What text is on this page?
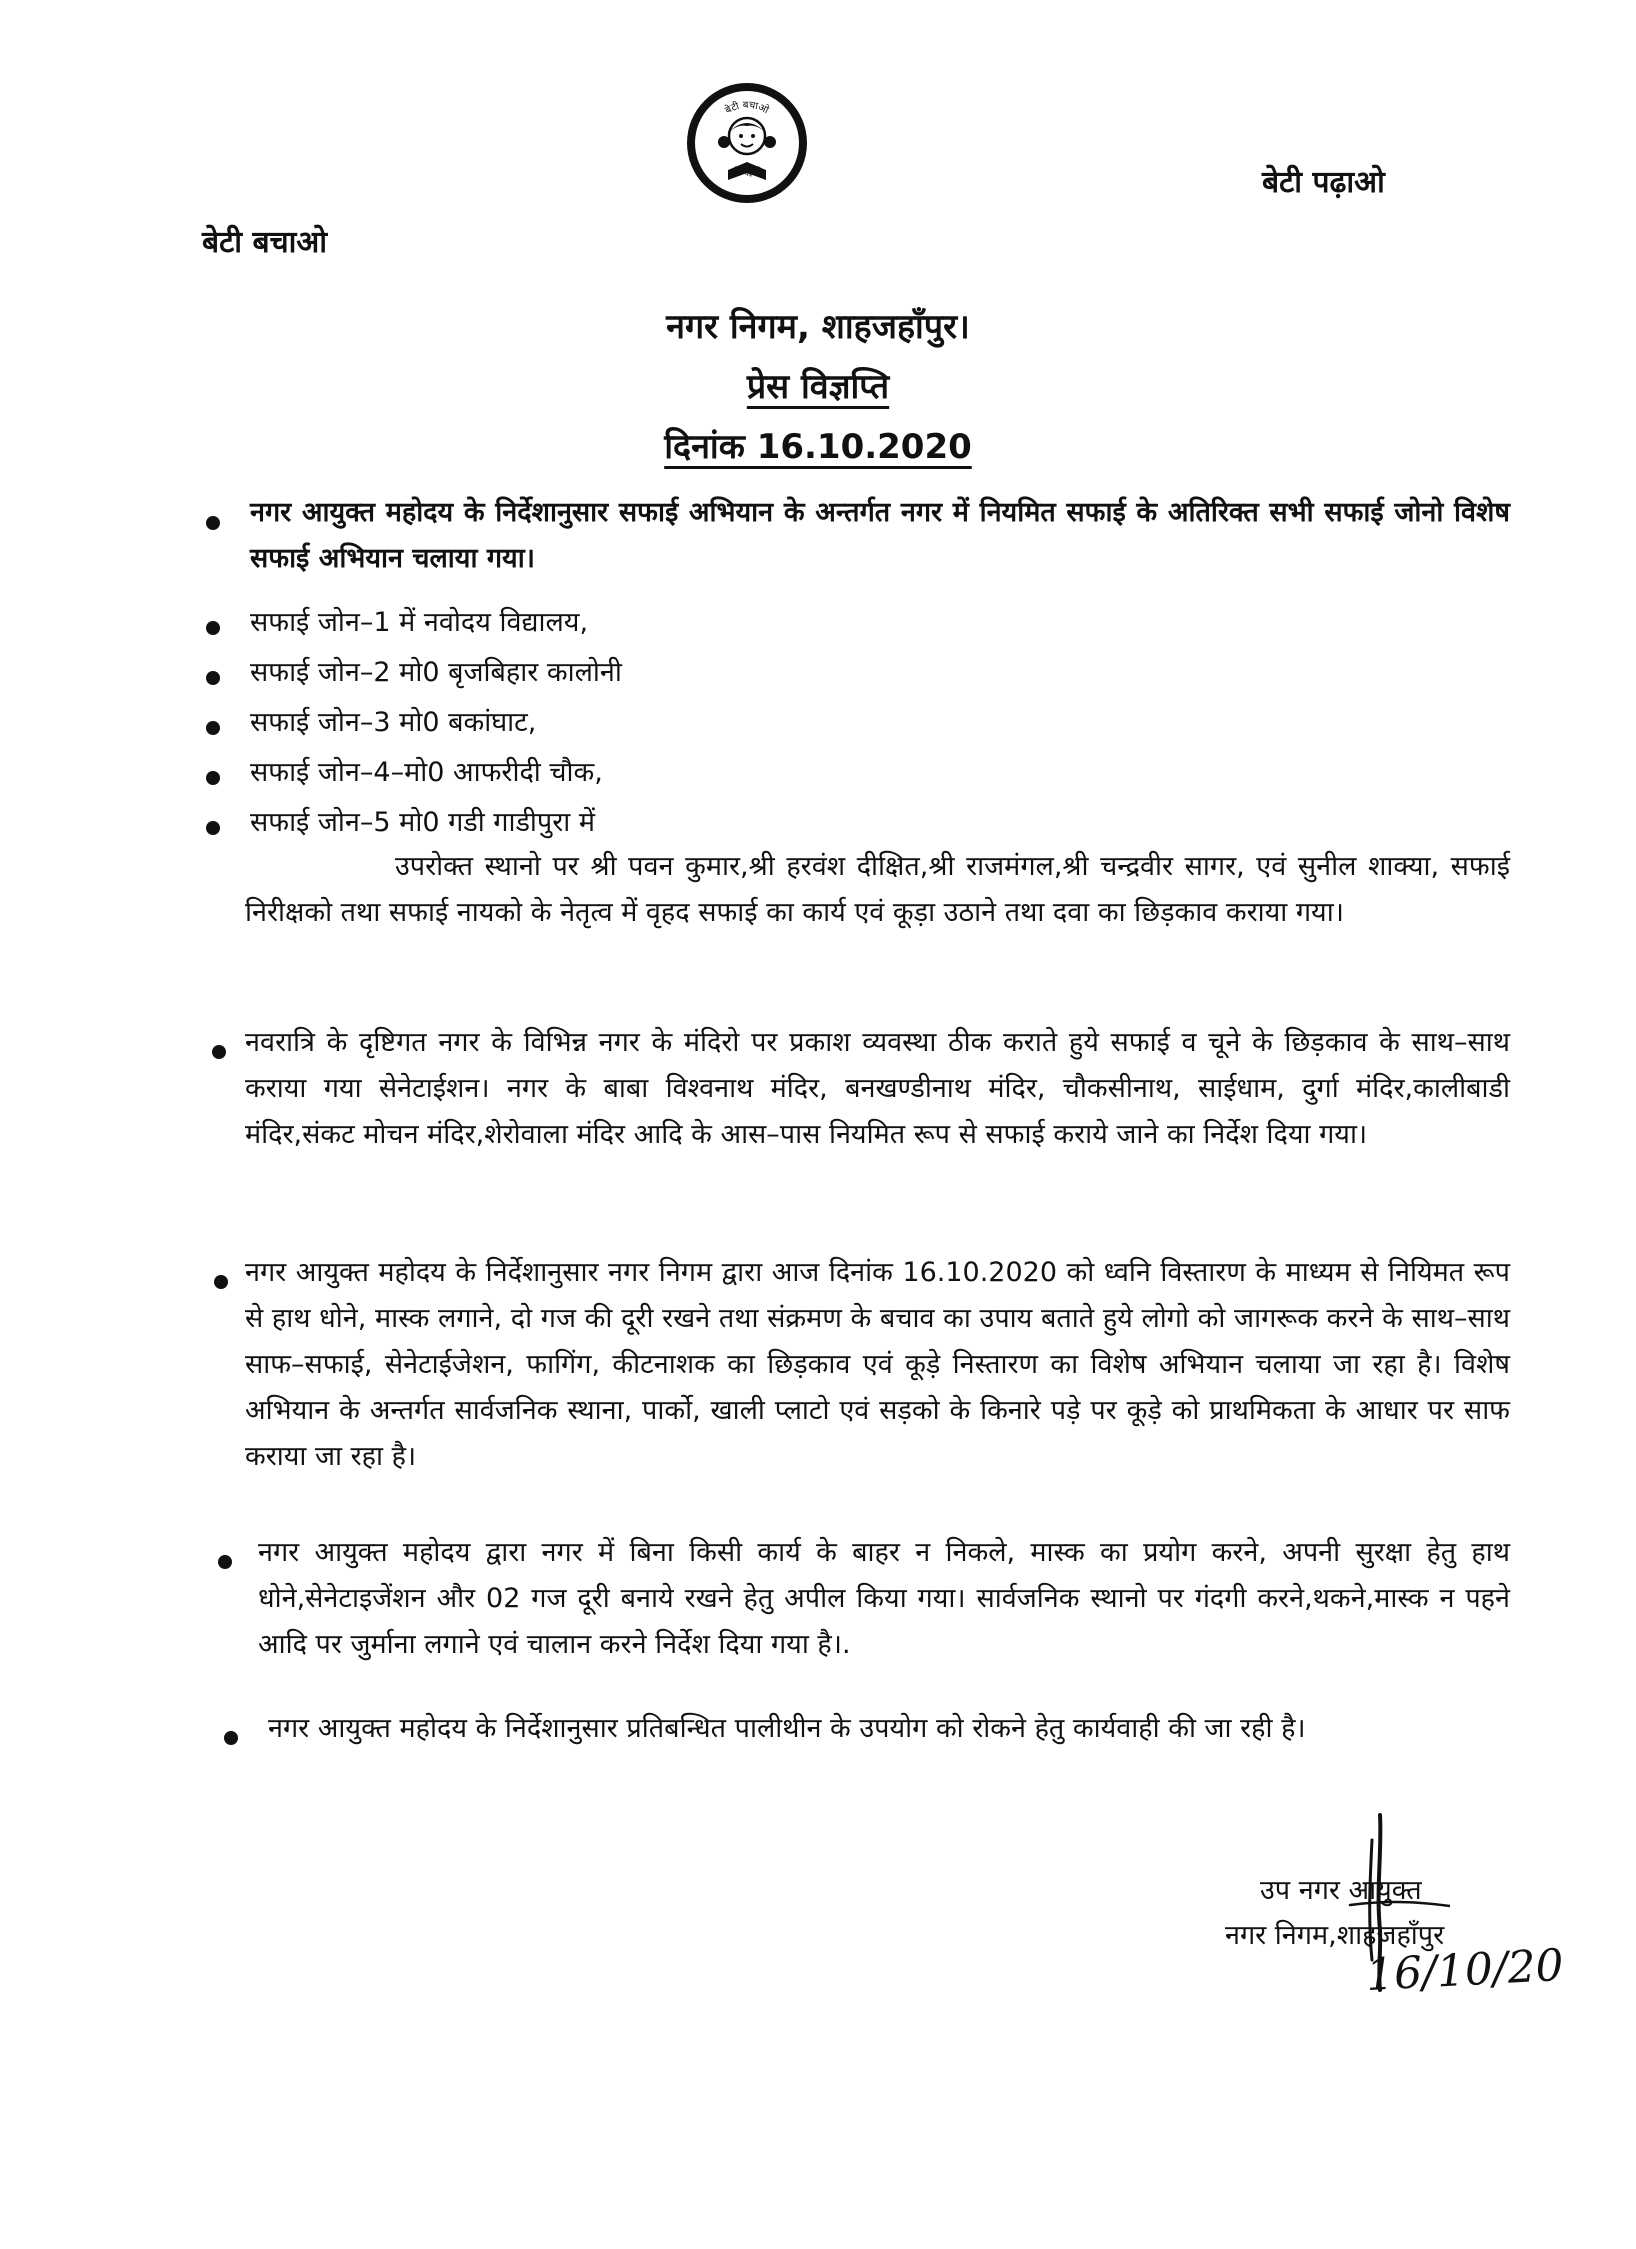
बेटी बचाओ
बेटी पढ़ाओ	बेटी पढ़ाओ
बेटी बचाओ
नगर निगम, शाहजहाँपुर।
प्रेस विज्ञप्ति
दिनांक 16.10.2020
नगर आयुक्त महोदय के निर्देशानुसार सफाई अभियान के अन्तर्गत नगर में नियमित सफाई के अतिरिक्त सभी सफाई जोनो विशेष सफाई अभियान चलाया गया।
सफाई जोन–1 में नवोदय विद्यालय,
सफाई जोन–2 मो0 बृजबिहार कालोनी
सफाई जोन–3 मो0 बकांघाट,
सफाई जोन–4–मो0 आफरीदी चौक,
सफाई जोन–5 मो0 गडी गाडीपुरा में
उपरोक्त स्थानो पर श्री पवन कुमार,श्री हरवंश दीक्षित,श्री राजमंगल,श्री चन्द्रवीर सागर, एवं सुनील शाक्या, सफाई निरीक्षको तथा सफाई नायको के नेतृत्व में वृहद सफाई का कार्य एवं कूड़ा उठाने तथा दवा का छिड़काव कराया गया।
नवरात्रि के दृष्टिगत नगर के विभिन्न नगर के मंदिरो पर प्रकाश व्यवस्था ठीक कराते हुये सफाई व चूने के छिड़काव के साथ–साथ कराया गया सेनेटाईशन। नगर के बाबा विश्वनाथ मंदिर, बनखण्डीनाथ मंदिर, चौकसीनाथ, साईधाम, दुर्गा मंदिर,कालीबाडी मंदिर,संकट मोचन मंदिर,शेरोवाला मंदिर आदि के आस–पास नियमित रूप से सफाई कराये जाने का निर्देश दिया गया।
नगर आयुक्त महोदय के निर्देशानुसार नगर निगम द्वारा आज दिनांक 16.10.2020 को ध्वनि विस्तारण के माध्यम से नियिमत रूप से हाथ धोने, मास्क लगाने, दो गज की दूरी रखने तथा संक्रमण के बचाव का उपाय बताते हुये लोगो को जागरूक करने के साथ–साथ साफ–सफाई, सेनेटाईजेशन, फागिंग, कीटनाशक का छिड़काव एवं कूड़े निस्तारण का विशेष अभियान चलाया जा रहा है। विशेष अभियान के अन्तर्गत सार्वजनिक स्थाना, पार्को, खाली प्लाटो एवं सड़को के किनारे पड़े पर कूड़े को प्राथमिकता के आधार पर साफ कराया जा रहा है।
नगर आयुक्त महोदय द्वारा नगर में बिना किसी कार्य के बाहर न निकले, मास्क का प्रयोग करने, अपनी सुरक्षा हेतु हाथ धोने,सेनेटाइजेंशन और 02 गज दूरी बनाये रखने हेतु अपील किया गया। सार्वजनिक स्थानो पर गंदगी करने,थकने,मास्क न पहने आदि पर जुर्माना लगाने एवं चालान करने निर्देश दिया गया है।.
नगर आयुक्त महोदय के निर्देशानुसार प्रतिबन्धित पालीथीन के उपयोग को रोकने हेतु कार्यवाही की जा रही है।
उप नगर आयुक्त
नगर निगम,शाहजहाँपुर
16/10/20
